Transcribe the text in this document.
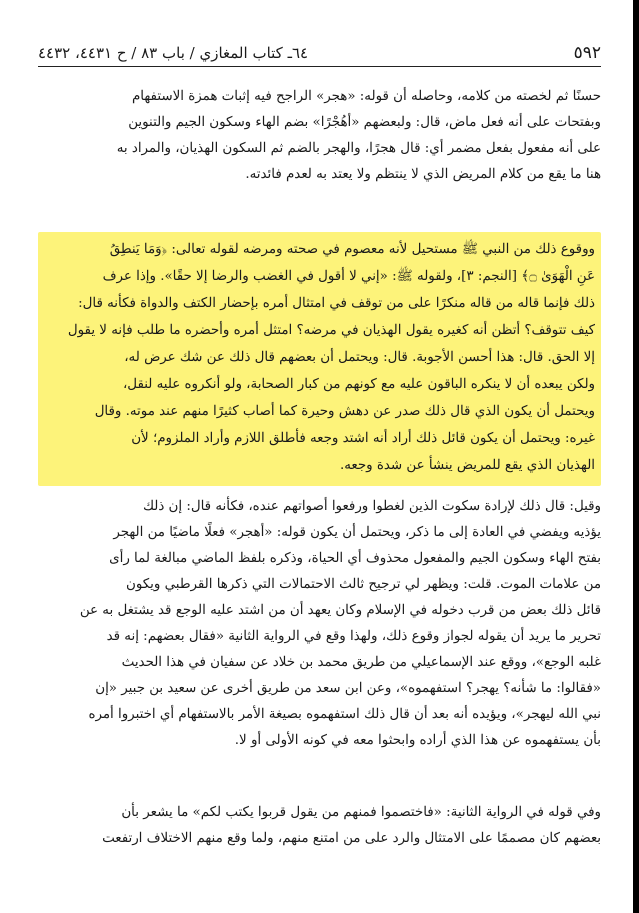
٥٩٢
٦٤ـ كتاب المغازي / باب ٨٣ / ح ٤٤٣١، ٤٤٣٢

حسنًا ثم لخصته من كلامه، وحاصله أن قوله: «هجر» الراجح فيه إثبات همزة الاستفهام

وبفتحات على أنه فعل ماض، قال: ولبعضهم «أهُجْرًا» بضم الهاء وسكون الجيم والتنوين

على أنه مفعول بفعل مضمر أي: قال هجرًا، والهجر بالضم ثم السكون الهذيان، والمراد به

هنا ما يقع من كلام المريض الذي لا ينتظم ولا يعتد به لعدم فائدته.

ووقوع ذلك من النبي ﷺ مستحيل لأنه معصوم في صحته ومرضه لقوله تعالى: ﴿وَمَا يَنطِقُ

عَنِ الْهَوَىٰ ۝﴾ [النجم: ٣]، ولقوله ﷺ: «إني لا أقول في الغضب والرضا إلا حقًا». وإذا عرف

ذلك فإنما قاله من قاله منكرًا على من توقف في امتثال أمره بإحضار الكتف والدواة فكأنه قال:

كيف تتوقف؟ أتظن أنه كغيره يقول الهذيان في مرضه؟ امتثل أمره وأحضره ما طلب فإنه لا يقول

إلا الحق. قال: هذا أحسن الأجوبة. قال: ويحتمل أن بعضهم قال ذلك عن شك عرض له،

ولكن يبعده أن لا ينكره الباقون عليه مع كونهم من كبار الصحابة، ولو أنكروه عليه لنقل،

ويحتمل أن يكون الذي قال ذلك صدر عن دهش وحيرة كما أصاب كثيرًا منهم عند موته. وقال

غيره: ويحتمل أن يكون قائل ذلك أراد أنه اشتد وجعه فأطلق اللازم وأراد الملزوم؛ لأن

الهذيان الذي يقع للمريض ينشأ عن شدة وجعه.

وقيل: قال ذلك لإرادة سكوت الذين لغطوا ورفعوا أصواتهم عنده، فكأنه قال: إن ذلك

يؤذيه ويفضي في العادة إلى ما ذكر، ويحتمل أن يكون قوله: «أهجر» فعلًا ماضيًا من الهجر

بفتح الهاء وسكون الجيم والمفعول محذوف أي الحياة، وذكره بلفظ الماضي مبالغة لما رأى

من علامات الموت. قلت: ويظهر لي ترجيح ثالث الاحتمالات التي ذكرها القرطبي ويكون

قائل ذلك بعض من قرب دخوله في الإسلام وكان يعهد أن من اشتد عليه الوجع قد يشتغل به عن

تحرير ما يريد أن يقوله لجواز وقوع ذلك، ولهذا وقع في الرواية الثانية «فقال بعضهم: إنه قد

غلبه الوجع»، ووقع عند الإسماعيلي من طريق محمد بن خلاد عن سفيان في هذا الحديث

«فقالوا: ما شأنه؟ يهجر؟ استفهموه»، وعن ابن سعد من طريق أخرى عن سعيد بن جبير «إن

نبي الله ليهجر»، ويؤيده أنه بعد أن قال ذلك استفهموه بصيغة الأمر بالاستفهام أي اختبروا أمره

بأن يستفهموه عن هذا الذي أراده وابحثوا معه في كونه الأولى أو لا.

وفي قوله في الرواية الثانية: «فاختصموا فمنهم من يقول قربوا يكتب لكم» ما يشعر بأن

بعضهم كان مصممًا على الامتثال والرد على من امتنع منهم، ولما وقع منهم الاختلاف ارتفعت
